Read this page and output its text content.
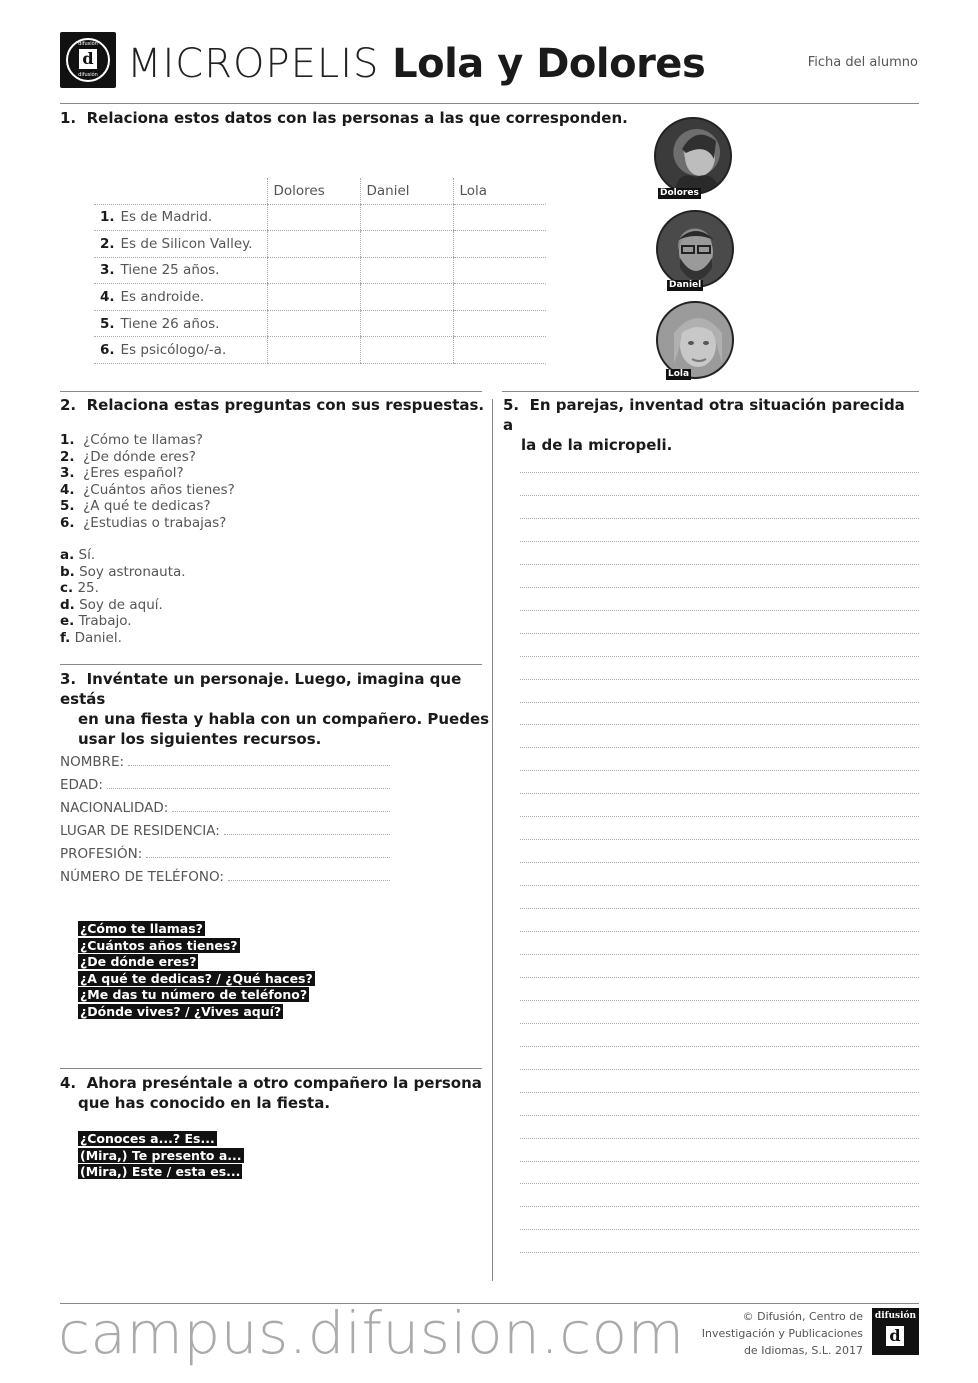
difusión
d
difusión MICROPELIS Lola y Dolores	Ficha del alumno
1. Relaciona estos datos con las personas a las que corresponden.
	Dolores	Daniel	Lola
1. Es de Madrid.			
2. Es de Silicon Valley.			
3. Tiene 25 años.			
4. Es androide.			
5. Tiene 26 años.			
6. Es psicólogo/-a.			
Dolores
Daniel
Lola
2. Relaciona estas preguntas con sus respuestas.
1. ¿Cómo te llamas?
2. ¿De dónde eres?
3. ¿Eres español?
4. ¿Cuántos años tienes?
5. ¿A qué te dedicas?
6. ¿Estudias o trabajas?
a. Sí.
b. Soy astronauta.
c. 25.
d. Soy de aquí.
e. Trabajo.
f. Daniel.
3. Invéntate un personaje. Luego, imagina que estás
en una fiesta y habla con un compañero. Puedes
usar los siguientes recursos.
NOMBRE:
EDAD:
NACIONALIDAD:
LUGAR DE RESIDENCIA:
PROFESIÓN:
NÚMERO DE TELÉFONO:
¿Cómo te llamas?
¿Cuántos años tienes?
¿De dónde eres?
¿A qué te dedicas? / ¿Qué haces?
¿Me das tu número de teléfono?
¿Dónde vives? / ¿Vives aquí?
4. Ahora preséntale a otro compañero la persona
que has conocido en la fiesta.
¿Conoces a...? Es...
(Mira,) Te presento a...
(Mira,) Este / esta es...
5. En parejas, inventad otra situación parecida a
la de la micropeli.
campus.difusion.com	© Difusión, Centro de
Investigación y Publicaciones
de Idiomas, S.L. 2017
difusión
d
